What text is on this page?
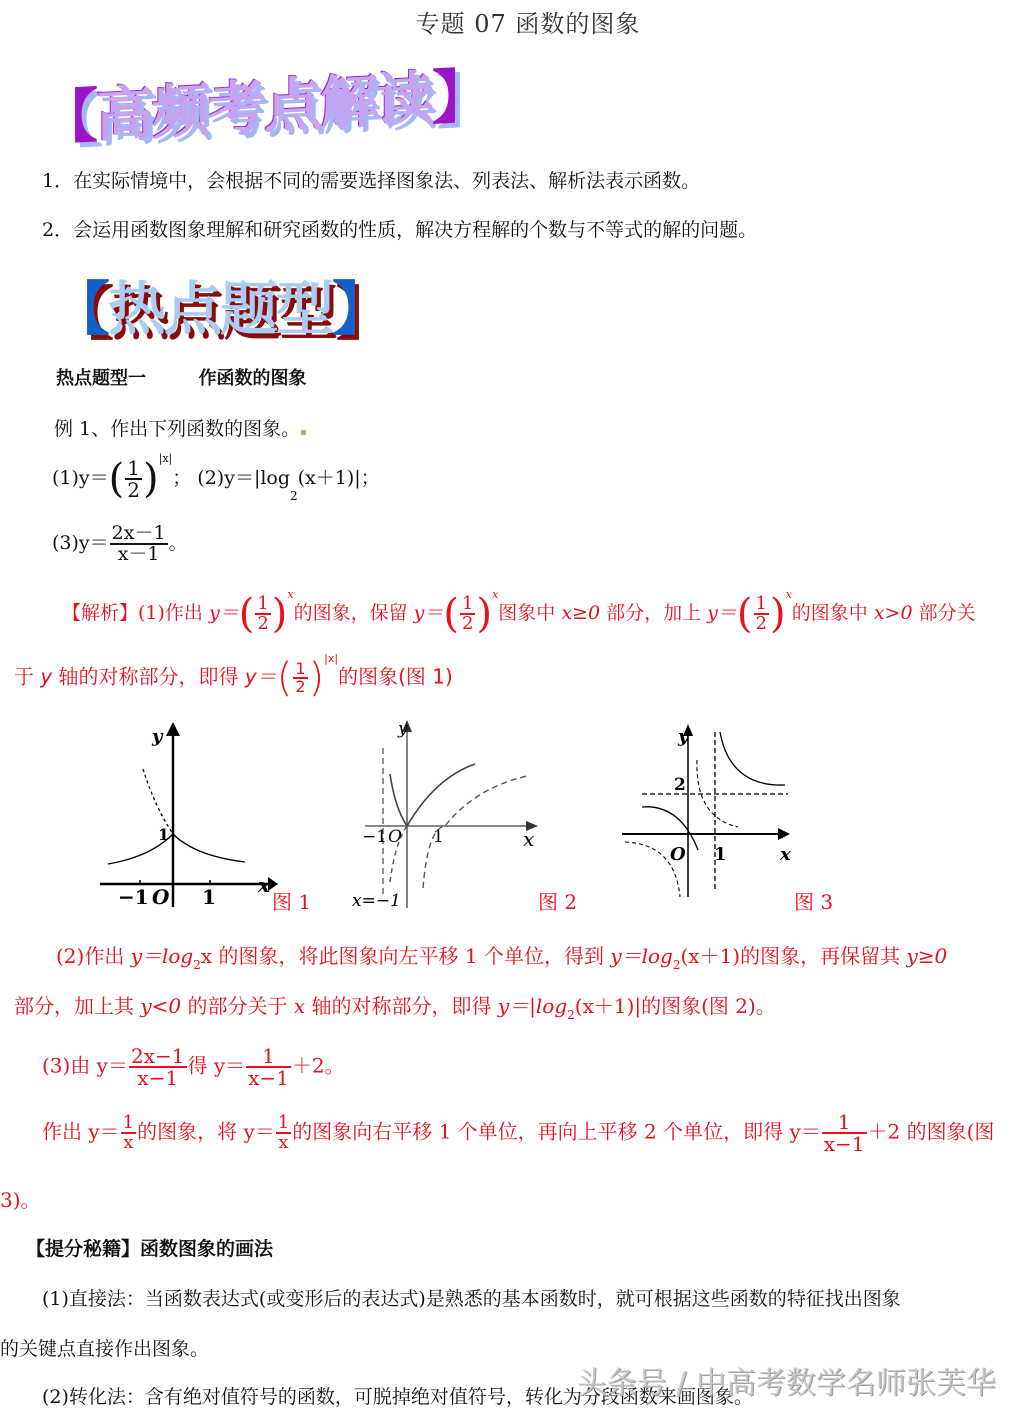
专题 07 函数的图象
【高频考点解读】
1．在实际情境中，会根据不同的需要选择图象法、列表法、解析法表示函数。
2．会运用函数图象理解和研究函数的性质，解决方程解的个数与不等式的解的问题。
【热点题型】
热点题型一	作函数的图象
例 1、作出下列函数的图象。▪
$(1)y=( \frac{1}{2} )^{|x|}$； (2)y＝|log2(x＋1)|；
$(3)y= \frac{2x-1}{x-1}$ 。
【解析】(1)作出 $y=( \frac{1}{2} )^x$的图象，保留 $y=( \frac{1}{2} )^x$图象中 x≥0 部分，加上 $y=( \frac{1}{2} )^x$的图象中 x>0 部分关
于 y 轴的对称部分，即得 $y=( \frac{1}{2} )^{|x|}$的图象(图 1)
y
x
1
−1 O 1	图 1
y
x
−1 O 1
x=−1	图 2
y
x
2
O 1
图 3
(2)作出 y＝log2x 的图象，将此图象向左平移 1 个单位，得到 y＝log2(x＋1)的图象，再保留其 y≥0
部分，加上其 y<0 的部分关于 x 轴的对称部分，即得 y＝|log2(x＋1)|的图象(图 2)。
(3)由 $y= \frac{2x-1}{x-1}$ 得 $y= \frac{1}{x-1} +2$。
作出 $y= \frac{1}{x}$ 的图象，将 $y= \frac{1}{x}$ 的图象向右平移 1 个单位，再向上平移 2 个单位，即得 $y= \frac{1}{x-1} +2$ 的图象(图
3)。
【提分秘籍】函数图象的画法
(1)直接法：当函数表达式(或变形后的表达式)是熟悉的基本函数时，就可根据这些函数的特征找出图象
的关键点直接作出图象。
(2)转化法：含有绝对值符号的函数，可脱掉绝对值符号，转化为分段函数来画图象。
头条号 / 中高考数学名师张芙华
